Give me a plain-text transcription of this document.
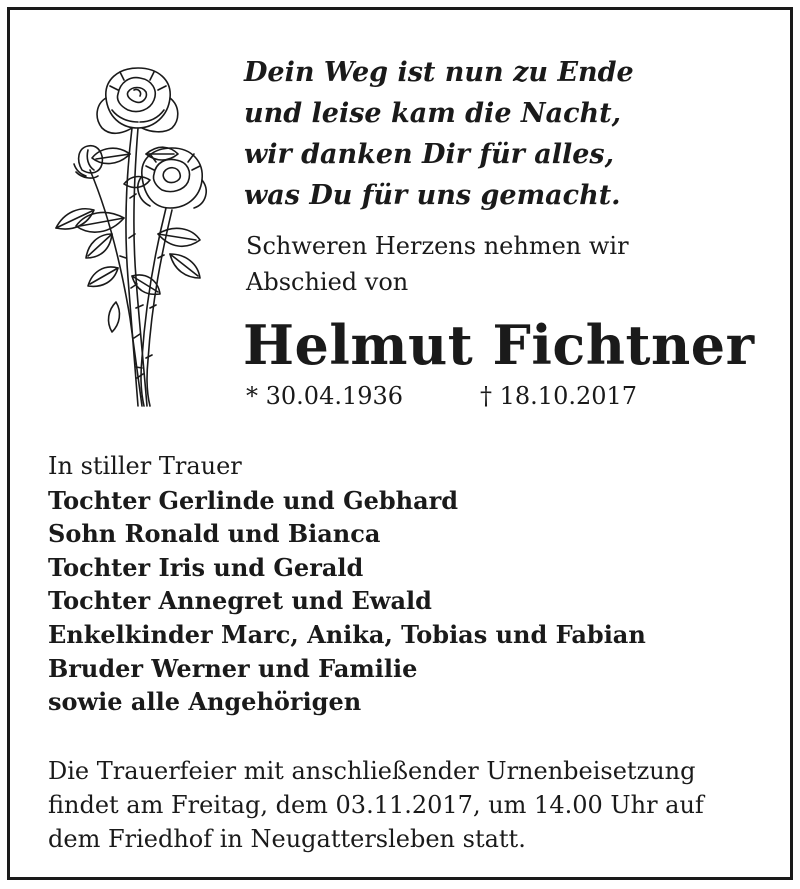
Dein Weg ist nun zu Ende
und leise kam die Nacht,
wir danken Dir für alles,
was Du für uns gemacht.
Schweren Herzens nehmen wir
Abschied von
Helmut Fichtner
* 30.04.1936	† 18.10.2017
In stiller Trauer
Tochter Gerlinde und Gebhard
Sohn Ronald und Bianca
Tochter Iris und Gerald
Tochter Annegret und Ewald
Enkelkinder Marc, Anika, Tobias und Fabian
Bruder Werner und Familie
sowie alle Angehörigen
Die Trauerfeier mit anschließender Urnenbeisetzung
findet am Freitag, dem 03.11.2017, um 14.00 Uhr auf
dem Friedhof in Neugattersleben statt.
